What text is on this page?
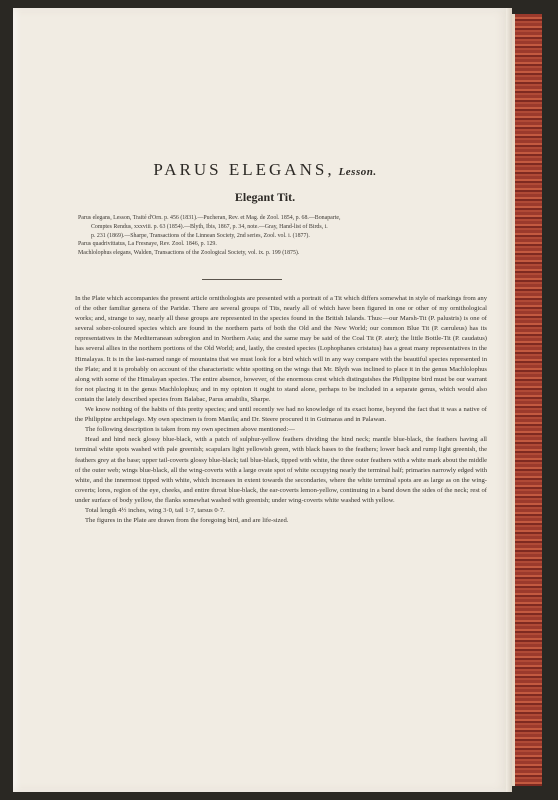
PARUS ELEGANS, Lesson.
Elegant Tit.

Parus elegans, Lesson, Traité d'Orn. p. 456 (1831).—Pucheran, Rev. et Mag. de Zool. 1854, p. 68.—Bonaparte,

Comptes Rendus, xxxviii. p. 63 (1854).—Blyth, Ibis, 1867, p. 34, note.—Gray, Hand-list of Birds, i.

p. 231 (1869).—Sharpe, Transactions of the Linnean Society, 2nd series, Zool. vol. i. (1877).

Parus quadrivittatus, La Fresnaye, Rev. Zool. 1846, p. 129.

Machlolophus elegans, Walden, Transactions of the Zoological Society, vol. ix. p. 199 (1875).

In the Plate which accompanies the present article ornithologists are presented with a portrait of a Tit which differs somewhat in style of markings from any of the other familiar genera of the Paridæ. There are several groups of Tits, nearly all of which have been figured in one or other of my ornithological works; and, strange to say, nearly all these groups are represented in the species found in the British Islands. Thus:—our Marsh-Tit (P. palustris) is one of several sober-coloured species which are found in the northern parts of both the Old and the New World; our common Blue Tit (P. cæruleus) has its representatives in the Mediterranean subregion and in Northern Asia; and the same may be said of the Coal Tit (P. ater); the little Bottle-Tit (P. caudatus) has several allies in the northern portions of the Old World; and, lastly, the crested species (Lophophanes cristatus) has a great many representatives in the Himalayas. It is in the last-named range of mountains that we must look for a bird which will in any way compare with the beautiful species represented in the Plate; and it is probably on account of the characteristic white spotting on the wings that Mr. Blyth was inclined to place it in the genus Machlolophus along with some of the Himalayan species. The entire absence, however, of the enormous crest which distinguishes the Philippine bird must be our warrant for not placing it in the genus Machlolophus; and in my opinion it ought to stand alone, perhaps to be included in a separate genus, which would also contain the lately described species from Balabac, Parus amabilis, Sharpe.

We know nothing of the habits of this pretty species; and until recently we had no knowledge of its exact home, beyond the fact that it was a native of the Philippine archipelago. My own specimen is from Manila; and Dr. Steere procured it in Guimaras and in Palawan.

The following description is taken from my own specimen above mentioned:—

Head and hind neck glossy blue-black, with a patch of sulphur-yellow feathers dividing the hind neck; mantle blue-black, the feathers having all terminal white spots washed with pale greenish; scapulars light yellowish green, with black bases to the feathers; lower back and rump light greenish, the feathers grey at the base; upper tail-coverts glossy blue-black; tail blue-black, tipped with white, the three outer feathers with a white mark about the middle of the outer web; wings blue-black, all the wing-coverts with a large ovate spot of white occupying nearly the terminal half; primaries narrowly edged with white, and the innermost tipped with white, which increases in extent towards the secondaries, where the white terminal spots are as large as on the wing-coverts; lores, region of the eye, cheeks, and entire throat blue-black, the ear-coverts lemon-yellow, continuing in a band down the sides of the neck; rest of under surface of body yellow, the flanks somewhat washed with greenish; under wing-coverts white washed with yellow.

Total length 4½ inches, wing 3·0, tail 1·7, tarsus 0·7.

The figures in the Plate are drawn from the foregoing bird, and are life-sized.
